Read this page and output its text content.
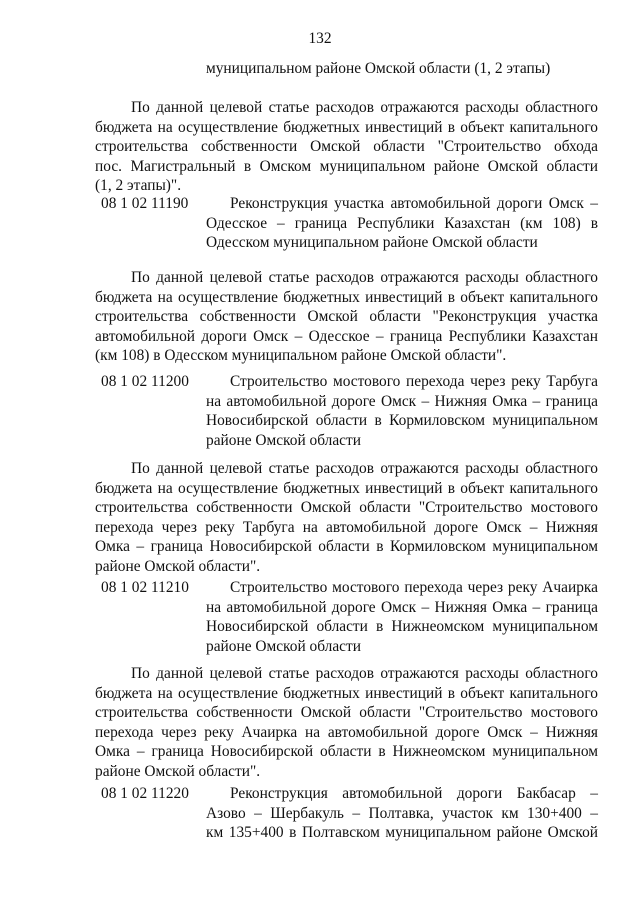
132
муниципальном районе Омской области (1, 2 этапы)
По данной целевой статье расходов отражаются расходы областного
бюджета на осуществление бюджетных инвестиций в объект капитального
строительства собственности Омской области "Строительство обхода
пос. Магистральный в Омском муниципальном районе Омской области
(1, 2 этапы)".
08 1 02 11190	Реконструкция участка автомобильной дороги Омск –
Одесское – граница Республики Казахстан (км 108) в
Одесском муниципальном районе Омской области
По данной целевой статье расходов отражаются расходы областного
бюджета на осуществление бюджетных инвестиций в объект капитального
строительства собственности Омской области "Реконструкция участка
автомобильной дороги Омск – Одесское – граница Республики Казахстан
(км 108) в Одесском муниципальном районе Омской области".
08 1 02 11200	Строительство мостового перехода через реку Тарбуга
на автомобильной дороге Омск – Нижняя Омка – граница
Новосибирской области в Кормиловском муниципальном
районе Омской области
По данной целевой статье расходов отражаются расходы областного
бюджета на осуществление бюджетных инвестиций в объект капитального
строительства собственности Омской области "Строительство мостового
перехода через реку Тарбуга на автомобильной дороге Омск – Нижняя
Омка – граница Новосибирской области в Кормиловском муниципальном
районе Омской области".
08 1 02 11210	Строительство мостового перехода через реку Ачаирка
на автомобильной дороге Омск – Нижняя Омка – граница
Новосибирской области в Нижнеомском муниципальном
районе Омской области
По данной целевой статье расходов отражаются расходы областного
бюджета на осуществление бюджетных инвестиций в объект капитального
строительства собственности Омской области "Строительство мостового
перехода через реку Ачаирка на автомобильной дороге Омск – Нижняя
Омка – граница Новосибирской области в Нижнеомском муниципальном
районе Омской области".
08 1 02 11220	Реконструкция автомобильной дороги Бакбасар –
Азово – Шербакуль – Полтавка, участок км 130+400 –
км 135+400 в Полтавском муниципальном районе Омской
